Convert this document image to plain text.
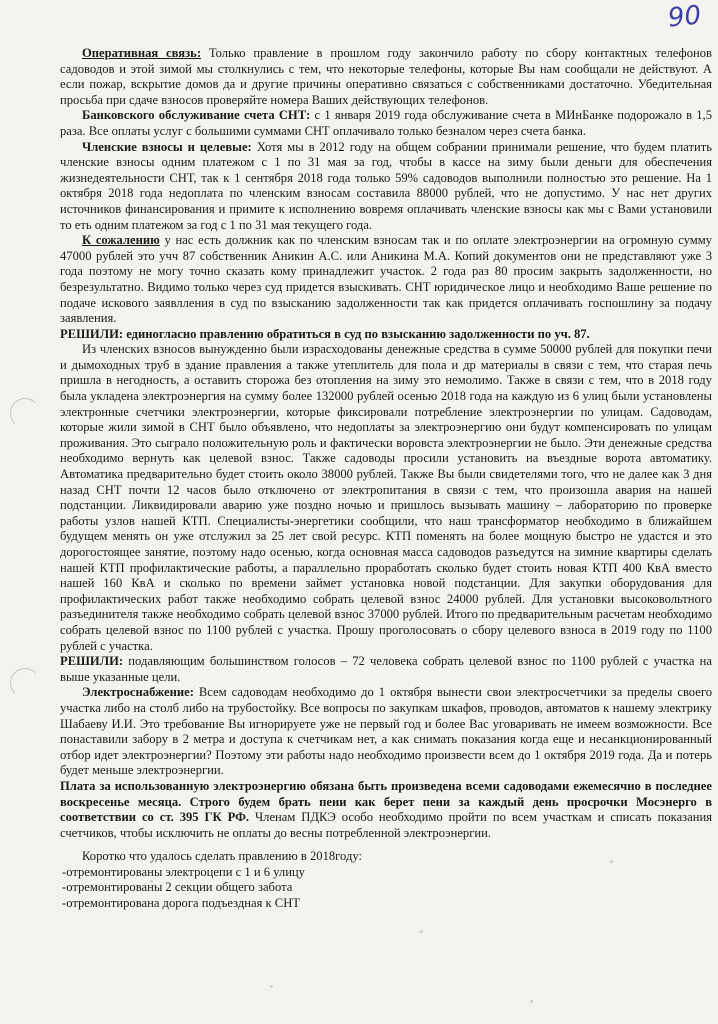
90

Оперативная связь: Только правление в прошлом году закончило работу по сбору контактных телефонов садоводов и этой зимой мы столкнулись с тем, что некоторые телефоны, которые Вы нам сообщали не действуют. А если пожар, вскрытие домов да и другие причины оперативно связаться с собственниками достаточно. Убедительная просьба при сдаче взносов проверяйте номера Ваших действующих телефонов.

Банковского обслуживание счета СНТ: с 1 января 2019 года обслуживание счета в МИнБанке подорожало в 1,5 раза. Все оплаты услуг с большими суммами СНТ оплачивало только безналом через счета банка.

Членские взносы и целевые: Хотя мы в 2012 году на общем собрании принимали решение, что будем платить членские взносы одним платежом с 1 по 31 мая за год, чтобы в кассе на зиму были деньги для обеспечения жизнедеятельности СНТ, так к 1 сентября 2018 года только 59% садоводов выполнили полностью это решение. На 1 октября 2018 года недоплата по членским взносам составила 88000 рублей, что не допустимо. У нас нет других источников финансирования и примите к исполнению вовремя оплачивать членские взносы как мы с Вами установили то еть одним платежом за год с 1 по 31 мая текущего года.

К сожалению у нас есть должник как по членским взносам так и по оплате электроэнергии на огромную сумму 47000 рублей это учч 87 собственник Аникин А.С. или Аникина М.А. Копий документов они не представляют уже 3 года поэтому не могу точно сказать кому принадлежит участок. 2 года раз 80 просим закрыть задолженности, но безрезультатно. Видимо только через суд придется взыскивать. СНТ юридическое лицо и необходимо Ваше решение по подаче искового заявлления в суд по взысканию задолженности так как придется оплачивать госпошлину за подачу заявления.

РЕШИЛИ: единогласно правлению обратиться в суд по взысканию задолженности по уч. 87.

Из членских взносов вынужденно были израсходованы денежные средства в сумме 50000 рублей для покупки печи и дымоходных труб в здание правления а также утеплитель для пола и др материалы в связи с тем, что старая печь пришла в негодность, а оставить сторожа без отопления на зиму это немолимо. Также в связи с тем, что в 2018 году была укладена электроэнергия на сумму более 132000 рублей осенью 2018 года на каждую из 6 улиц были установлены электронные счетчики электроэнергии, которые фиксировали потребление электроэнергии по улицам. Садоводам, которые жили зимой в СНТ было объявлено, что недоплаты за электроэнергию они будут компенсировать по улицам проживания. Это сыграло положительную роль и фактически воровста электроэнергии не было. Эти денежные средства необходимо вернуть как целевой взнос. Также садоводы просили установить на въездные ворота автоматику. Автоматика предварительно будет стоить около 38000 рублей. Также Вы были свидетелями того, что не далее как 3 дня назад СНТ почти 12 часов было отключено от электропитания в связи с тем, что произошла авария на нашей подстанции. Ликвидировали аварию уже поздно ночью и пришлось вызывать машину – лабораторию по проверке работы узлов нашей КТП. Специалисты-энергетики сообщили, что наш трансформатор необходимо в ближайшем будущем менять он уже отслужил за 25 лет свой ресурс. КТП поменять на более мощную быстро не удастся и это дорогостоящее занятие, поэтому надо осенью, когда основная масса садоводов разъедутся на зимние квартиры сделать нашей КТП профилактические работы, а параллельно проработать сколько будет стоить новая КТП 400 КвА вместо нашей 160 КвА и сколько по времени займет установка новой подстанции. Для закупки оборудования для профилактических работ также необходимо собрать целевой взнос 24000 рублей. Для установки высоковольтного разъединителя также необходимо собрать целевой взнос 37000 рублей. Итого по предварительным расчетам необходимо собрать целевой взнос по 1100 рублей с участка. Прошу проголосовать о сбору целевого взноса в 2019 году по 1100 рублей с участка.

РЕШИЛИ: подавляющим большинством голосов – 72 человека собрать целевой взнос по 1100 рублей с участка на выше указанные цели.

Электроснабжение: Всем садоводам необходимо до 1 октября вынести свои электросчетчики за пределы своего участка либо на столб либо на трубостойку. Все вопросы по закупкам шкафов, проводов, автоматов к нашему электрику Шабаеву И.И. Это требование Вы игнорируете уже не первый год и более Вас уговаривать не имеем возможности. Все понаставили забору в 2 метра и доступа к счетчикам нет, а как снимать показания когда еще и несанкционированный отбор идет электроэнергии? Поэтому эти работы надо необходимо произвести всем до 1 октября 2019 года. Да и потерь будет меньше электроэнергии.

Плата за использованную электроэнергию обязана быть произведена всеми садоводами ежемесячно в последнее воскресенье месяца. Строго будем брать пени как берет пени за каждый день просрочки Мосэнерго в соответствии со ст. 395 ГК РФ. Членам ПДКЭ особо необходимо пройти по всем участкам и списать показания счетчиков, чтобы исключить не оплаты до весны потребленной электроэнергии.

Коротко что удалось сделать правлению в 2018году:

-отремонтированы электроцепи с 1 и 6 улицу

-отремонтированы 2 секции общего забота

-отремонтирована дорога подъездная к СНТ
